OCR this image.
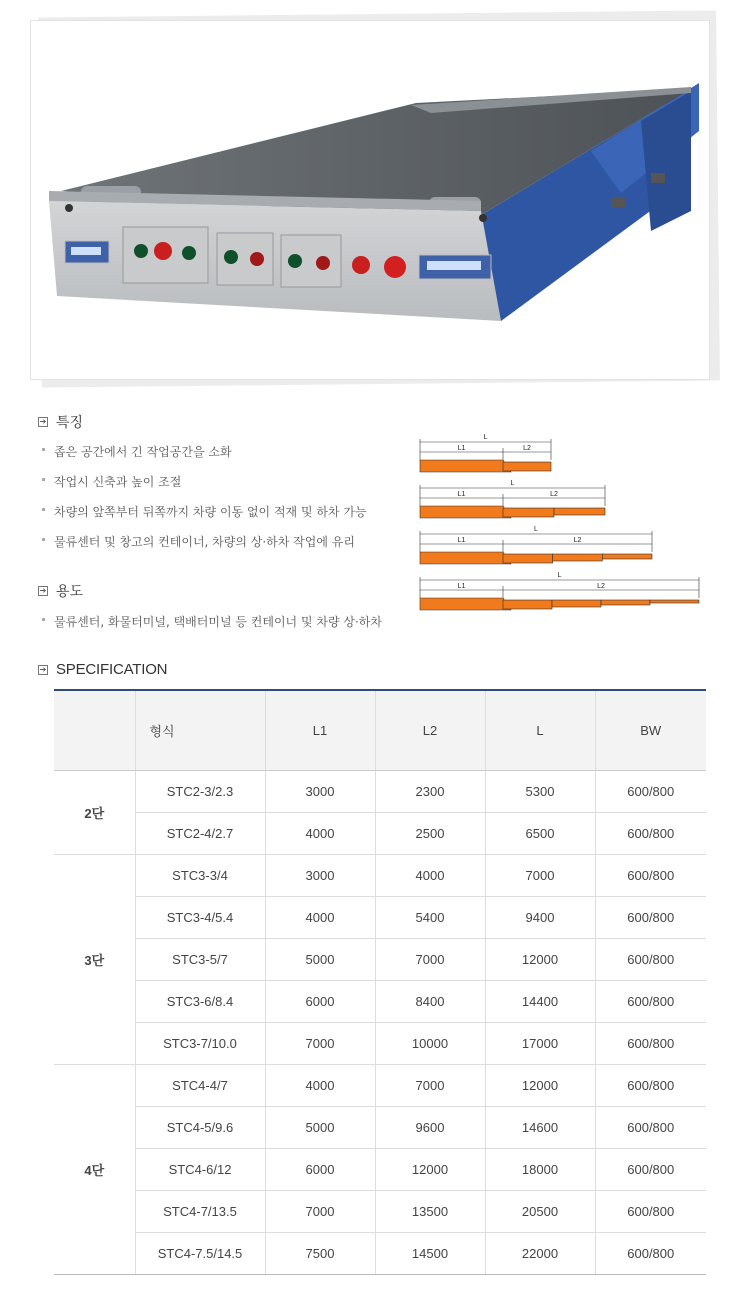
➔ 특징
좁은 공간에서 긴 작업공간을 소화
작업시 신축과 높이 조절
차량의 앞쪽부터 뒤쪽까지 차량 이동 없이 적재 및 하차 가능
물류센터 및 창고의 컨테이너, 차량의 상·하차 작업에 유리
➔ 용도
물류센터, 화물터미널, 택배터미널 등 컨테이너 및 차량 상·하차
L
L1	L2
L
L1	L2
L
L1	L2
L
L1	L2
➔ SPECIFICATION
	형식	L1	L2	L	BW
2단	STC2-3/2.3	3000	2300	5300	600/800
	STC2-4/2.7	4000	2500	6500	600/800
3단	STC3-3/4	3000	4000	7000	600/800
	STC3-4/5.4	4000	5400	9400	600/800
	STC3-5/7	5000	7000	12000	600/800
	STC3-6/8.4	6000	8400	14400	600/800
	STC3-7/10.0	7000	10000	17000	600/800
4단	STC4-4/7	4000	7000	12000	600/800
	STC4-5/9.6	5000	9600	14600	600/800
	STC4-6/12	6000	12000	18000	600/800
	STC4-7/13.5	7000	13500	20500	600/800
	STC4-7.5/14.5	7500	14500	22000	600/800
